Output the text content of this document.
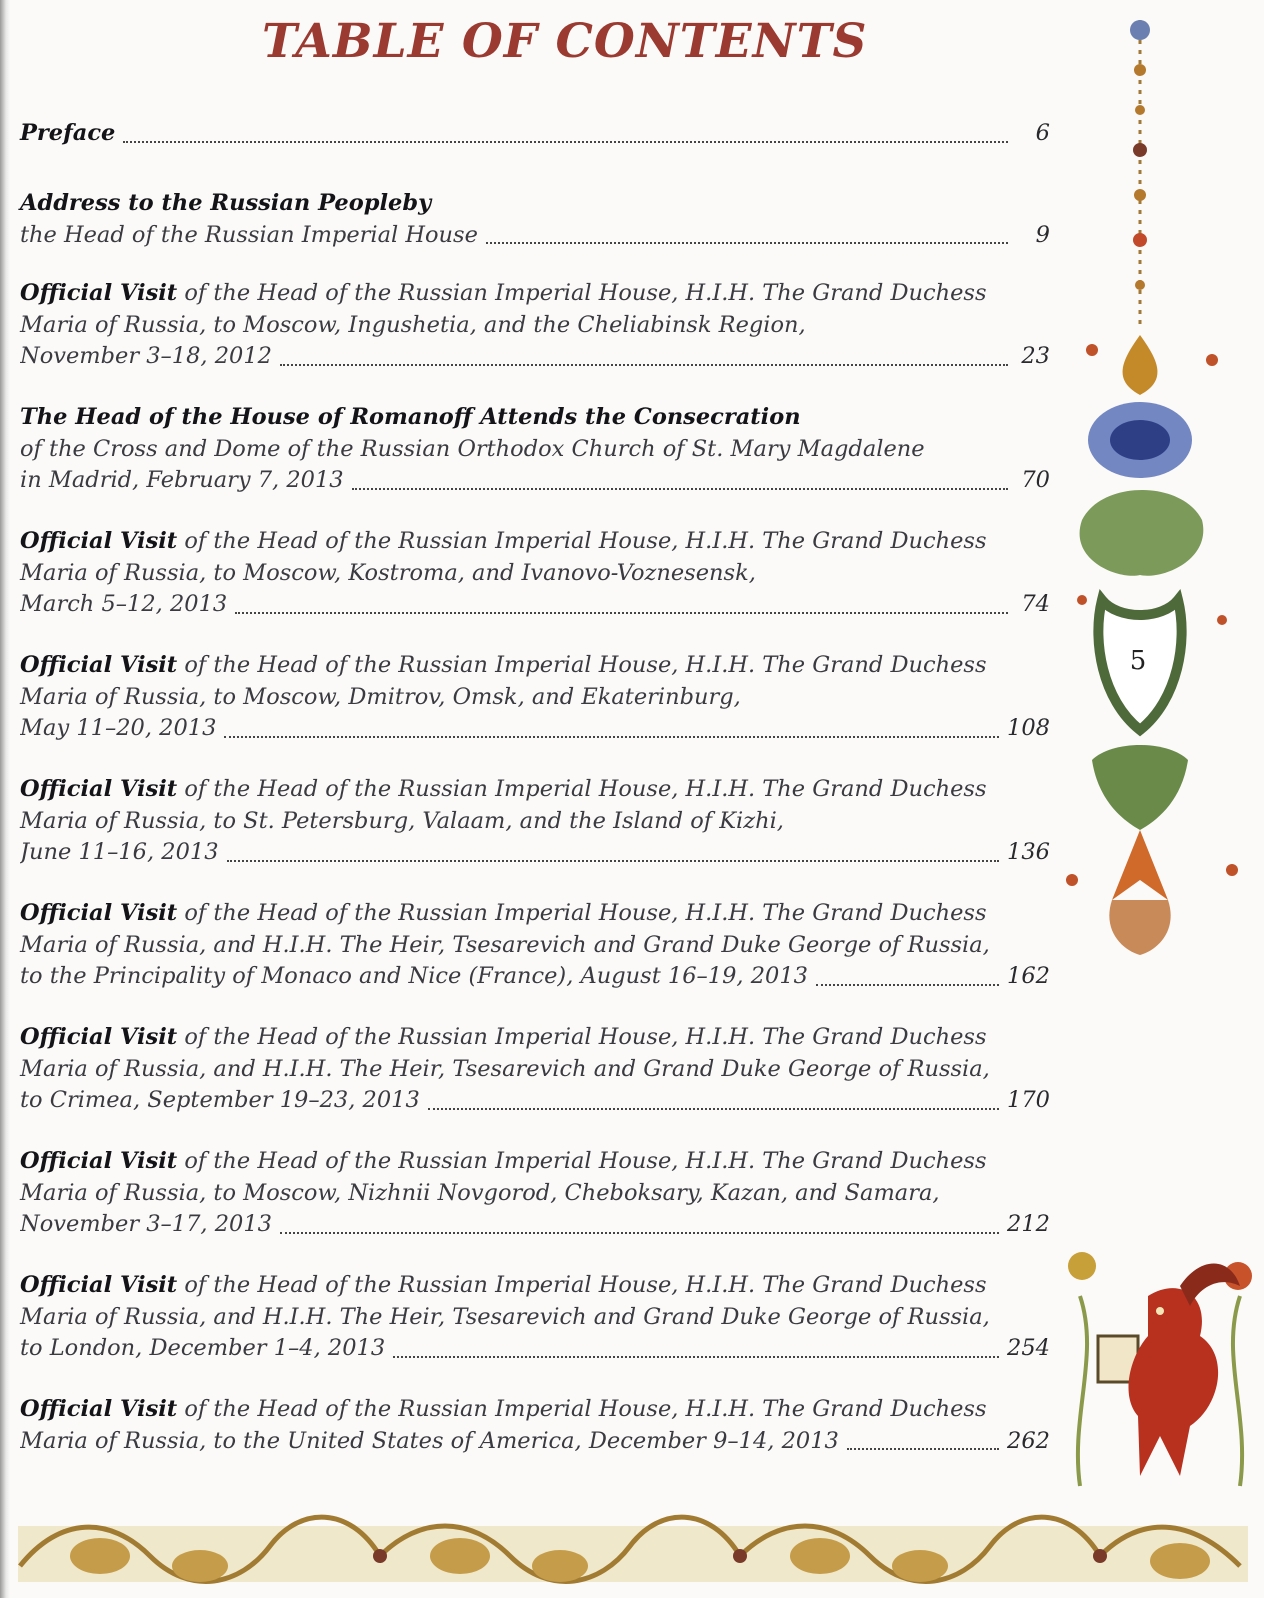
TABLE OF CONTENTS
Preface	6
Address to the Russian Peopleby
the Head of the Russian Imperial House	9
Official Visit of the Head of the Russian Imperial House, H.I.H. The Grand Duchess
Maria of Russia, to Moscow, Ingushetia, and the Cheliabinsk Region,
November 3–18, 2012	23
The Head of the House of Romanoff Attends the Consecration
of the Cross and Dome of the Russian Orthodox Church of St. Mary Magdalene
in Madrid, February 7, 2013	70
Official Visit of the Head of the Russian Imperial House, H.I.H. The Grand Duchess
Maria of Russia, to Moscow, Kostroma, and Ivanovo-Voznesensk,
March 5–12, 2013	74
Official Visit of the Head of the Russian Imperial House, H.I.H. The Grand Duchess
Maria of Russia, to Moscow, Dmitrov, Omsk, and Ekaterinburg,
May 11–20, 2013	108
Official Visit of the Head of the Russian Imperial House, H.I.H. The Grand Duchess
Maria of Russia, to St. Petersburg, Valaam, and the Island of Kizhi,
June 11–16, 2013	136
Official Visit of the Head of the Russian Imperial House, H.I.H. The Grand Duchess
Maria of Russia, and H.I.H. The Heir, Tsesarevich and Grand Duke George of Russia,
to the Principality of Monaco and Nice (France), August 16–19, 2013	162
Official Visit of the Head of the Russian Imperial House, H.I.H. The Grand Duchess
Maria of Russia, and H.I.H. The Heir, Tsesarevich and Grand Duke George of Russia,
to Crimea, September 19–23, 2013	170
Official Visit of the Head of the Russian Imperial House, H.I.H. The Grand Duchess
Maria of Russia, to Moscow, Nizhnii Novgorod, Cheboksary, Kazan, and Samara,
November 3–17, 2013	212
Official Visit of the Head of the Russian Imperial House, H.I.H. The Grand Duchess
Maria of Russia, and H.I.H. The Heir, Tsesarevich and Grand Duke George of Russia,
to London, December 1–4, 2013	254
Official Visit of the Head of the Russian Imperial House, H.I.H. The Grand Duchess
Maria of Russia, to the United States of America, December 9–14, 2013	262
5
